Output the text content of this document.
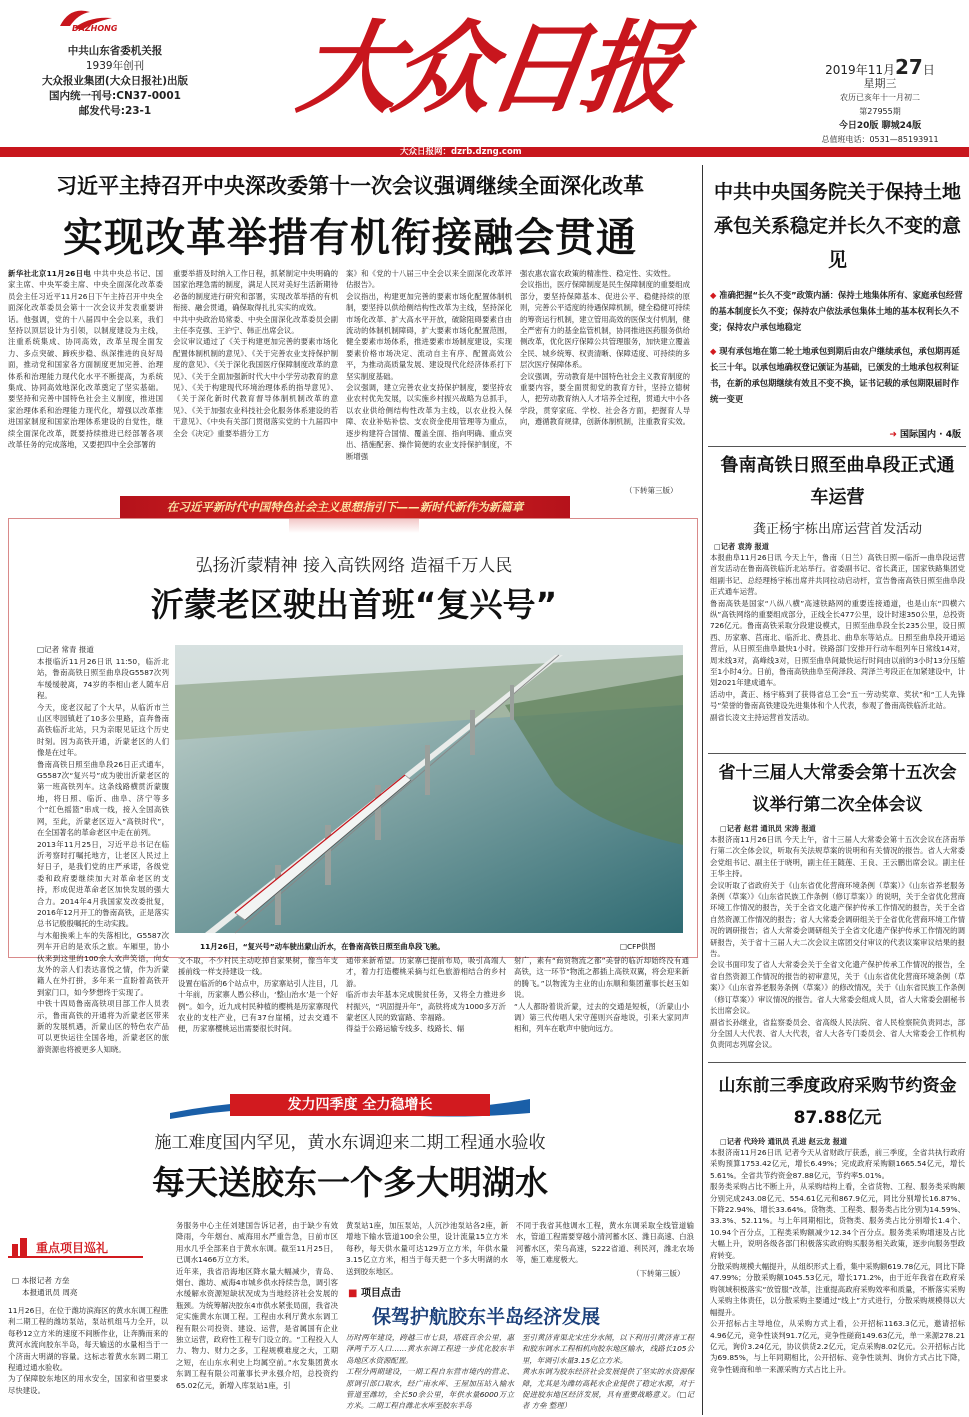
DAZHONG
中共山东省委机关报
1939年创刊
大众报业集团(大众日报社)出版
国内统一刊号:CN37-0001
邮发代号:23-1	大众日报	2019年11月27日
星期三
农历已亥年十一月初二
第27955期
今日20版 聊城24版
总值班电话：0531—85193911
大众日报网：dzrb.dzng.com
习近平主持召开中央深改委第十一次会议强调继续全面深化改革
实现改革举措有机衔接融会贯通
新华社北京11月26日电 中共中央总书记、国家主席、中央军委主席、中央全面深化改革委员会主任习近平11月26日下午主持召开中央全面深化改革委员会第十一次会议并发表重要讲话。他强调，党的十八届四中全会以来，我们坚持以顶层设计为引领，以制度建设为主线，注重系统集成、协同高效，改革呈现全面发力、多点突破、蹄疾步稳、纵深推进的良好局面，推动党和国家各方面制度更加完善、治理体系和治理能力现代化水平不断提高，为系统集成、协同高效地深化改革奠定了坚实基础。要坚持和完善中国特色社会主义制度，推进国家治理体系和治理能力现代化，增强以改革推进国家制度和国家治理体系建设的自觉性，继续全面深化改革，既要持续推进已经部署各项改革任务的完成落地，又要把四中全会部署的
重要举措及时纳入工作日程，抓紧制定中央明确的国家治理急需的制度，满足人民对美好生活新期待必备的制度进行研究和部署，实现改革举措的有机衔接、融会贯通，确保取得扎扎实实的成效。
中共中央政治局常委、中央全面深化改革委员会副主任李克强、王沪宁、韩正出席会议。
会议审议通过了《关于构建更加完善的要素市场化配置体制机制的意见》、《关于完善农业支持保护制度的意见》、《关于深化我国医疗保障制度改革的意见》、《关于全面加强新时代大中小学劳动教育的意见》、《关于构建现代环境治理体系的指导意见》、《关于深化新时代教育督导体制机制改革的意见》、《关于加强农业科技社会化服务体系建设的若干意见》、《中央有关部门贯彻落实党的十九届四中全会《决定》重要举措分工方
案》和《党的十八届三中全会以来全面深化改革评估报告》。
会议指出，构建更加完善的要素市场化配置体制机制，要坚持以供给侧结构性改革为主线，坚持深化市场化改革、扩大高水平开放，破除阻碍要素自由流动的体制机制障碍，扩大要素市场化配置范围，健全要素市场体系，推进要素市场制度建设，实现要素价格市场决定、流动自主有序、配置高效公平，为推动高质量发展、建设现代化经济体系打下坚实制度基础。
会议强调，建立完善农业支持保护制度，要坚持农业农村优先发展，以实施乡村振兴战略为总抓手，以农业供给侧结构性改革为主线，以农业投入保障、农业补贴补偿、支农资金使用管理等为重点，逐步构建符合国情、覆盖全面、指向明确、重点突出、措施配套、操作简便的农业支持保护制度，不断增强
强农惠农富农政策的精准性、稳定性、实效性。
会议指出，医疗保障制度是民生保障制度的重要组成部分，要坚持保障基本、促进公平、稳健持续的原则，完善公平适度的待遇保障机制，健全稳健可持续的筹资运行机制，建立管用高效的医保支付机制，健全严密有力的基金监管机制，协同推进医药服务供给侧改革，优化医疗保障公共管理服务，加快建立覆盖全民、城乡统筹、权责清晰、保障适度、可持续的多层次医疗保障体系。
会议强调，劳动教育是中国特色社会主义教育制度的重要内容，要全面贯彻党的教育方针，坚持立德树人，把劳动教育纳入人才培养全过程，贯通大中小各学段，贯穿家庭、学校、社会各方面，把握育人导向，遵循教育规律，创新体制机制，注重教育实效。
（下转第三版）
中共中央国务院关于保持土地承包关系稳定并长久不变的意见
◆ 准确把握“长久不变”政策内涵：保持土地集体所有、家庭承包经营的基本制度长久不变；保持农户依法承包集体土地的基本权利长久不变；保持农户承包地稳定
◆ 现有承包地在第二轮土地承包到期后由农户继续承包，承包期再延长三十年。以承包地确权登记颁证为基础，已颁发的土地承包权利证书，在新的承包期继续有效且不变不换，证书记载的承包期限届时作统一变更
➜ 国际国内 · 4版
在习近平新时代中国特色社会主义思想指引下——新时代新作为新篇章
弘扬沂蒙精神 接入高铁网络 造福千万人民
沂蒙老区驶出首班“复兴号”
□记者 常青 报道
本报临沂11月26日讯 11:50，临沂北站，鲁南高铁日照至曲阜段G5587次列车缓缓驶离，74岁的李相山老人随车启程。
今天，庞老汉起了个大早，从临沂市兰山区枣园镇赶了10多公里路，直奔鲁南高铁临沂北站，只为亲眼见证这个历史时刻。因为高铁开通，沂蒙老区的人们像是在过年。
鲁南高铁日照至曲阜段26日正式通车，G5587次“复兴号”成为驶出沂蒙老区的第一班高铁列车。这条线路横贯沂蒙腹地，将日照、临沂、曲阜、济宁等多个“红色摇篮”串成一线，接入全国高铁网，至此，沂蒙老区迈入“高铁时代”，在全国著名的革命老区中走在前列。
2013年11月25日，习近平总书记在临沂考察时打嘱托地方，让老区人民过上好日子，是我们党的庄严承诺，各级党委和政府要继续加大对革命老区的支持，形成促进革命老区加快发展的强大合力。2014年4月我国家发改委批复，2016年12月开工的鲁南高铁，正是落实总书记殷殷嘱托的生动实践。
与木船换乘上车的失落相比，G5587次列车开启的是欢乐之旅。车厢里，协小伙来到这里的100余人欢声笑语，向女友外的亲人们表达喜悦之情，作为沂蒙籍人在外打拼，多年来一直盼着高铁开到家门口，如今梦想终于实现了。
中铁十四局鲁南高铁项目部工作人员表示，鲁南高铁的开通将为沂蒙老区带来新的发展机遇，沂蒙山区的特色农产品可以更快运往全国各地，沂蒙老区的旅游资源也将被更多人知晓。
11月26日，“复兴号”动车驶出蒙山沂水，在鲁南高铁日照至曲阜段飞驰。	□CFP供图
文不取，不少村民主动吃掉自家果树，像当年支援前线一样支持建设一线。
设置在临沂的6个站点中，历家寨站引人注目，几十年前，历家寨人愚公移山，‘整山治水’是一个好例”。如今，近九成村民种植的樱桃是历家寨现代农业的支柱产业，已有37台崖桶，过去交通不便，历家寨樱桃运出需要很长时间。
通带来新希望。历家寨已提前布局，吸引高端人才，着力打造樱桃采摘与红色旅游相结合的乡村游。
临沂市去年基本完成脱贫任务，又将全力推进乡村振兴，“巩固提升年”，高铁将成为1000多万沂蒙老区人民的致富路、幸福路。
得益于公路运输专线多、线路长、辐
射广，素有“商贸物流之都”美誉的临沂却始终没有通高铁，这一环节“物流之都插上高铁双翼，将会迎来新的腾飞。”以物流为主业的山东顺和集团董事长赵玉如说。
“人人都盼着说沂蒙，过去的交通是短板，（沂蒙山小调）第三代传唱人宋守莲则兴奋地说，引来大家同声相和，列车在歌声中驶向远方。
发力四季度 全力稳增长
施工难度国内罕见，黄水东调迎来二期工程通水验收
每天送胶东一个多大明湖水
重点项目巡礼
□ 本报记者 方垒
本报通讯员 周亮
11月26日，在位于潍坊滨海区的黄水东调工程胜利二期工程的潍坊泵站，泵站机组马力全开，以每秒12立方米的速度不间断作业，让奔腾而来的黄河水流向胶东半岛，每天输送的水量相当于一个济南大明湖的容量。这标志着黄水东调二期工程通过通水验收。
为了保障胶东地区的用水安全，国家和省里要求尽快建设。
务服务中心主任刘建国告诉记者，由于缺少有效降雨，今年烟台、威海用水严重告急，日前市区用水几乎全部来自于黄水东调。截至11月25日，已调水1466万立方米。
近年来，我省沿海地区降水量大幅减少，青岛、烟台、潍坊、威海4市城乡供水持续告急，调引客水缓解水资源短缺状况成为当地经济社会发展的瓶颈。为统筹解决胶东4市供水紧张局面，我省决定实施黄水东调工程。工程由水利厅黄水东调工程有限公司投资、建设、运营，是省属国有企业独立运营，政府性工程专门设立的。“工程投入人力、物力、财力之多，工程规模难度之大，工期之短，在山东水利史上均属空前。”水发集团黄水东调工程有限公司董事长尹永强介绍，总投资约65.02亿元，新增入库泵站1座，引
黄泵站1座，加压泵站，人沉沙池泵站各2座，新增地下输水管道100余公里，设计流量15立方米每秒，每天供水量可达129万立方米，年供水量3.15亿立方米，相当于每天把一个多大明湖的水送到胶东地区。
不同于我省其他调水工程，黄水东调采取全线管道输水，管道工程需要穿越小清河蓄水区、潍日高速、白浪河蓄水区，荣乌高速，S222省道、利民河，潍北农场等，施工难度极大。
（下转第三版）
■ 项目点击
保驾护航胶东半岛经济发展
历时两年建设，跨越三市七县，塔底百余公里，惠泽两千万人口……黄水东调工程进一步优化胶东半岛地区水资源配置。
工程分两期建设，一期工程自东营市境内的营北、原调引部口取水，经广南水库、王屋加压站入输水管道至潍坊，全长50余公里，年供水量6000万立方米。二期工程自潍北水库至胶东半岛
至引黄济青渠北宋庄分水闸，以下利用引黄济青工程和胶东调水工程相机向胶东地区输水，线路长105公里，年调引水量3.15亿立方米。
黄水东调为胶东经济社会发展提供了坚实的水资源保障，尤其是为潍坊高耗水企业提供了稳定水源，对于促进胶东地区经济发展，具有重要战略意义。（□记者 方垒 整理）
鲁南高铁日照至曲阜段正式通车运营
龚正杨宇栋出席运营首发活动
□记者 袁涛 报道
本报曲阜11月26日讯 今天上午，鲁南（日兰）高铁日照—临沂—曲阜段运营首发活动在鲁南高铁临沂北站举行。省委副书记、省长龚正，国家铁路集团党组副书记、总经理杨宇栋出席并共同拉动启动杆，宣告鲁南高铁日照至曲阜段正式通车运营。
鲁南高铁是国家“八纵八横”高速铁路网的重要连接通道，也是山东“四横六纵”高铁网络的重要组成部分，正线全长477公里，设计时速350公里，总投资726亿元。鲁南高铁采取分段建设模式，日照至曲阜段全长235公里，设日照西、历家寨、莒南北、临沂北、费县北、曲阜东等站点。日照至曲阜段开通运营后，从日照至曲阜最快1小时。铁路部门安排开行动车组列车日常线14对，周末线3对，高峰线3对，日照至曲阜间最快运行时间由以前的3小时13分压缩至1小时4分。日前，鲁南高铁曲阜至荷泽段、菏泽兰考段正在加紧建设中，计划2021年建成通车。
活动中，龚正、杨宇栋到了获得省总工会“五一劳动奖章、奖状”和“工人先锋号”荣誉的鲁南高铁建设先进集体和个人代表，参观了鲁南高铁临沂北站。
副省长凌文主持运营首发活动。
省十三届人大常委会第十五次会议举行第二次全体会议
□记者 赵君 通讯员 宋涛 报道
本报济南11月26日讯 今天上午，省十三届人大常委会第十五次会议在济南举行第二次全体会议，听取有关法规草案的说明和有关情况的报告。省人大常委会党组书记、副主任于晓明，副主任王随莲、王良、王云鹏出席会议。副主任王华主持。
会议听取了省政府关于《山东省优化营商环境条例（草案）》《山东省养老服务条例（草案）》《山东省民族工作条例（修订草案）》的说明，关于全省优化营商环境工作情况的报告，关于全省文化遗产保护传承工作情况的报告，关于全省自然资源工作情况的报告；省人大常委会调研组关于全省优化营商环境工作情况的调研报告；省人大常委会调研组关于全省文化遗产保护传承工作情况的调研报告，关于省十三届人大二次会议主席团交付审议的代表议案审议结果的报告。
会议书面印发了省人大常委会关于全省文化遗产保护传承工作情况的报告，全省自然资源工作情况的报告的初审意见，关于《山东省优化营商环境条例（草案）》《山东省养老服务条例（草案）》的修改情况，关于《山东省民族工作条例（修订草案）》审议情况的报告。省人大常委会组成人员，省人大常委会副秘书长出席会议。
副省长孙继业，省监察委员会、省高级人民法院、省人民检察院负责同志，部分全国人大代表、省人大代表，省人大各专门委员会、省人大常委会工作机构负责同志列席会议。
山东前三季度政府采购节约资金87.88亿元
□记者 代玲玲 通讯员 孔进 赵云龙 报道
本报济南11月26日讯 记者今天从省财政厅获悉，前三季度，全省共执行政府采购预算1753.42亿元，增长6.49%；完成政府采购额1665.54亿元，增长5.61%。全省共节约资金87.88亿元，节约率5.01%。
服务类采购占比不断上升，从采购结构上看，全省货物、工程、服务类采购额分别完成243.08亿元、554.61亿元和867.9亿元，同比分别增长16.87%、下降22.94%、增长33.64%。货物类、工程类、服务类占比分别为14.59%、33.3%、52.11%。与上年同期相比，货物类、服务类占比分别增长1.4个、10.94个百分点，工程类采购额减少12.34个百分点。服务类采购增速及占比大幅上升，说明各级各部门积极落实政府购买服务相关政策，逐步向服务型政府转变。
分散采购规模大幅提升，从组织形式上看，集中采购额619.78亿元，同比下降47.99%；分散采购额1045.53亿元，增长171.2%，由于近年我省在政府采购领域积极落实“放管服”改革，注重提高政府采购效率和质量，不断落实采购人采购主体责任，以分散采购主要通过“线上”方式进行，分散采购规模得以大幅提升。
公开招标占主导地位，从采购方式上看，公开招标1163.3亿元，邀请招标4.96亿元，竞争性谈判91.7亿元，竞争性磋商149.63亿元，单一来源278.21亿元，询价3.24亿元，协议供货2.2亿元，定点采购8.02亿元。公开招标占比为69.85%，与上年同期相比，公开招标、竞争性谈判、询价方式占比下降，竞争性磋商和单一来源采购方式占比上升。
